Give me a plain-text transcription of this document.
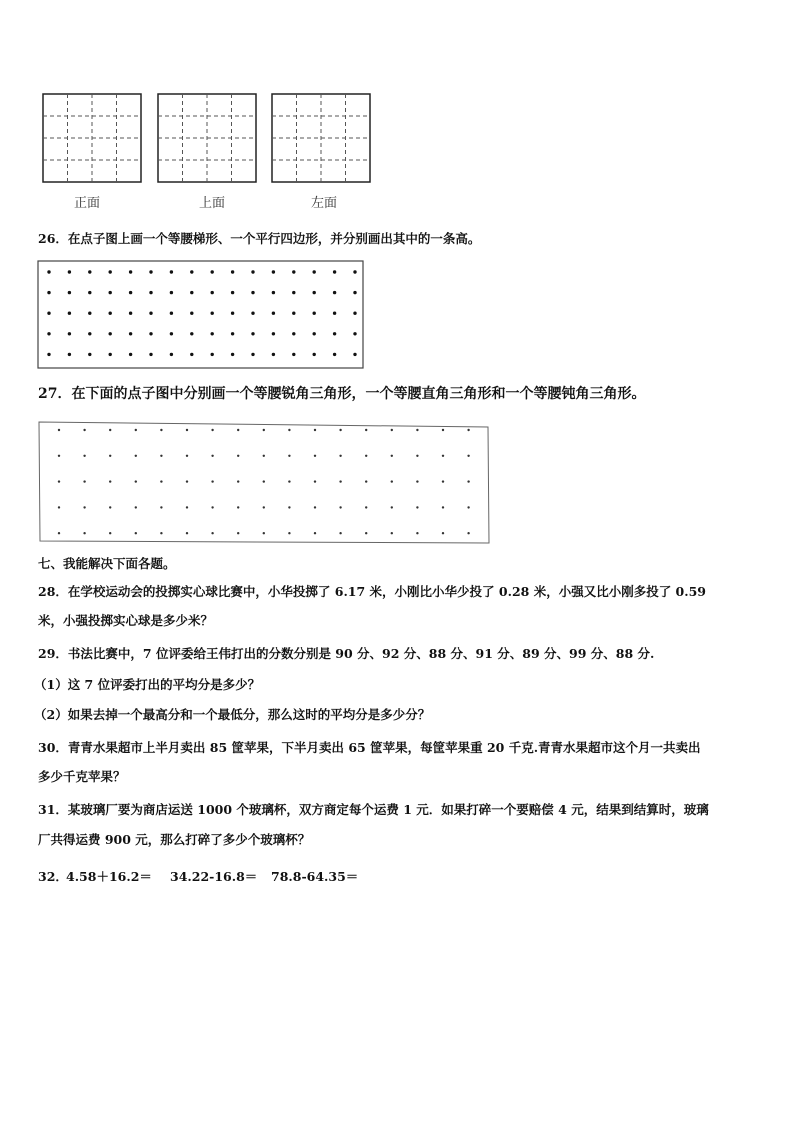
正面	上面	左面
26．在点子图上画一个等腰梯形、一个平行四边形，并分别画出其中的一条高。
27．在下面的点子图中分别画一个等腰锐角三角形，一个等腰直角三角形和一个等腰钝角三角形。
七、我能解决下面各题。
28．在学校运动会的投掷实心球比赛中，小华投掷了 6.17 米，小刚比小华少投了 0.28 米，小强又比小刚多投了 0.59
米，小强投掷实心球是多少米？
29．书法比赛中，7 位评委给王伟打出的分数分别是 90 分、92 分、88 分、91 分、89 分、99 分、88 分.
（1）这 7 位评委打出的平均分是多少？
（2）如果去掉一个最高分和一个最低分，那么这时的平均分是多少分？
30．青青水果超市上半月卖出 85 筐苹果，下半月卖出 65 筐苹果，每筐苹果重 20 千克.青青水果超市这个月一共卖出
多少千克苹果？
31．某玻璃厂要为商店运送 1000 个玻璃杯，双方商定每个运费 1 元．如果打碎一个要赔偿 4 元，结果到结算时，玻璃
厂共得运费 900 元，那么打碎了多少个玻璃杯？
32．
4.58＋16.2＝ 34.22-16.8＝ 78.8-64.35＝
